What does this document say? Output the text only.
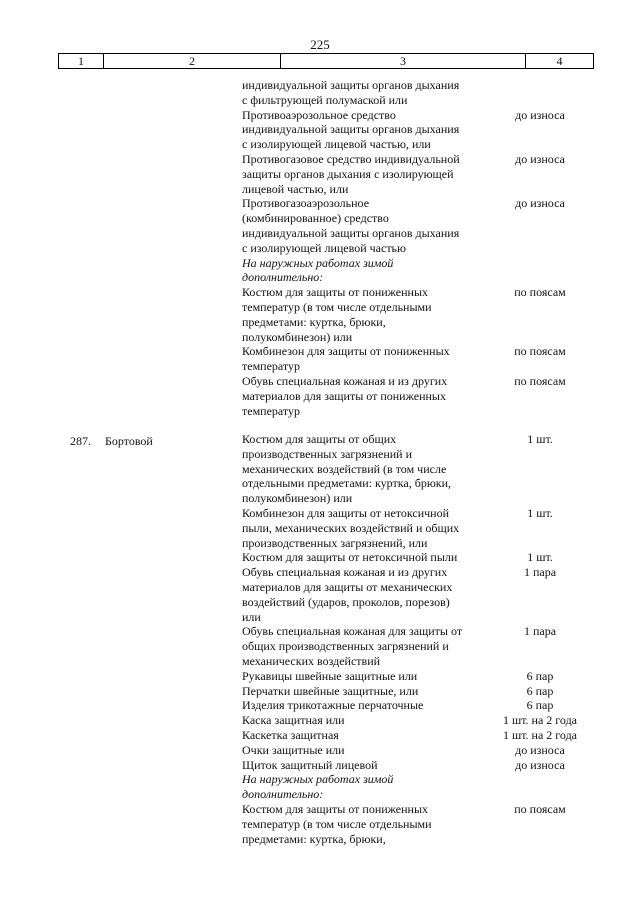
225
1	2	3	4
индивидуальной защиты органов дыхания
с фильтрующей полумаской или
Противоаэрозольное средство	до износа
индивидуальной защиты органов дыхания
с изолирующей лицевой частью, или
Противогазовое средство индивидуальной	до износа
защиты органов дыхания с изолирующей
лицевой частью, или
Противогазоаэрозольное	до износа
(комбинированное) средство
индивидуальной защиты органов дыхания
с изолирующей лицевой частью
На наружных работах зимой
дополнительно:
Костюм для защиты от пониженных	по поясам
температур (в том числе отдельными
предметами: куртка, брюки,
полукомбинезон) или
Комбинезон для защиты от пониженных	по поясам
температур
Обувь специальная кожаная и из других	по поясам
материалов для защиты от пониженных
температур
287. Бортовой	Костюм для защиты от общих	1 шт.
производственных загрязнений и
механических воздействий (в том числе
отдельными предметами: куртка, брюки,
полукомбинезон) или
Комбинезон для защиты от нетоксичной	1 шт.
пыли, механических воздействий и общих
производственных загрязнений, или
Костюм для защиты от нетоксичной пыли	1 шт.
Обувь специальная кожаная и из других	1 пара
материалов для защиты от механических
воздействий (ударов, проколов, порезов)
или
Обувь специальная кожаная для защиты от	1 пара
общих производственных загрязнений и
механических воздействий
Рукавицы швейные защитные или	6 пар
Перчатки швейные защитные, или	6 пар
Изделия трикотажные перчаточные	6 пар
Каска защитная или	1 шт. на 2 года
Каскетка защитная	1 шт. на 2 года
Очки защитные или	до износа
Щиток защитный лицевой	до износа
На наружных работах зимой
дополнительно:
Костюм для защиты от пониженных	по поясам
температур (в том числе отдельными
предметами: куртка, брюки,
